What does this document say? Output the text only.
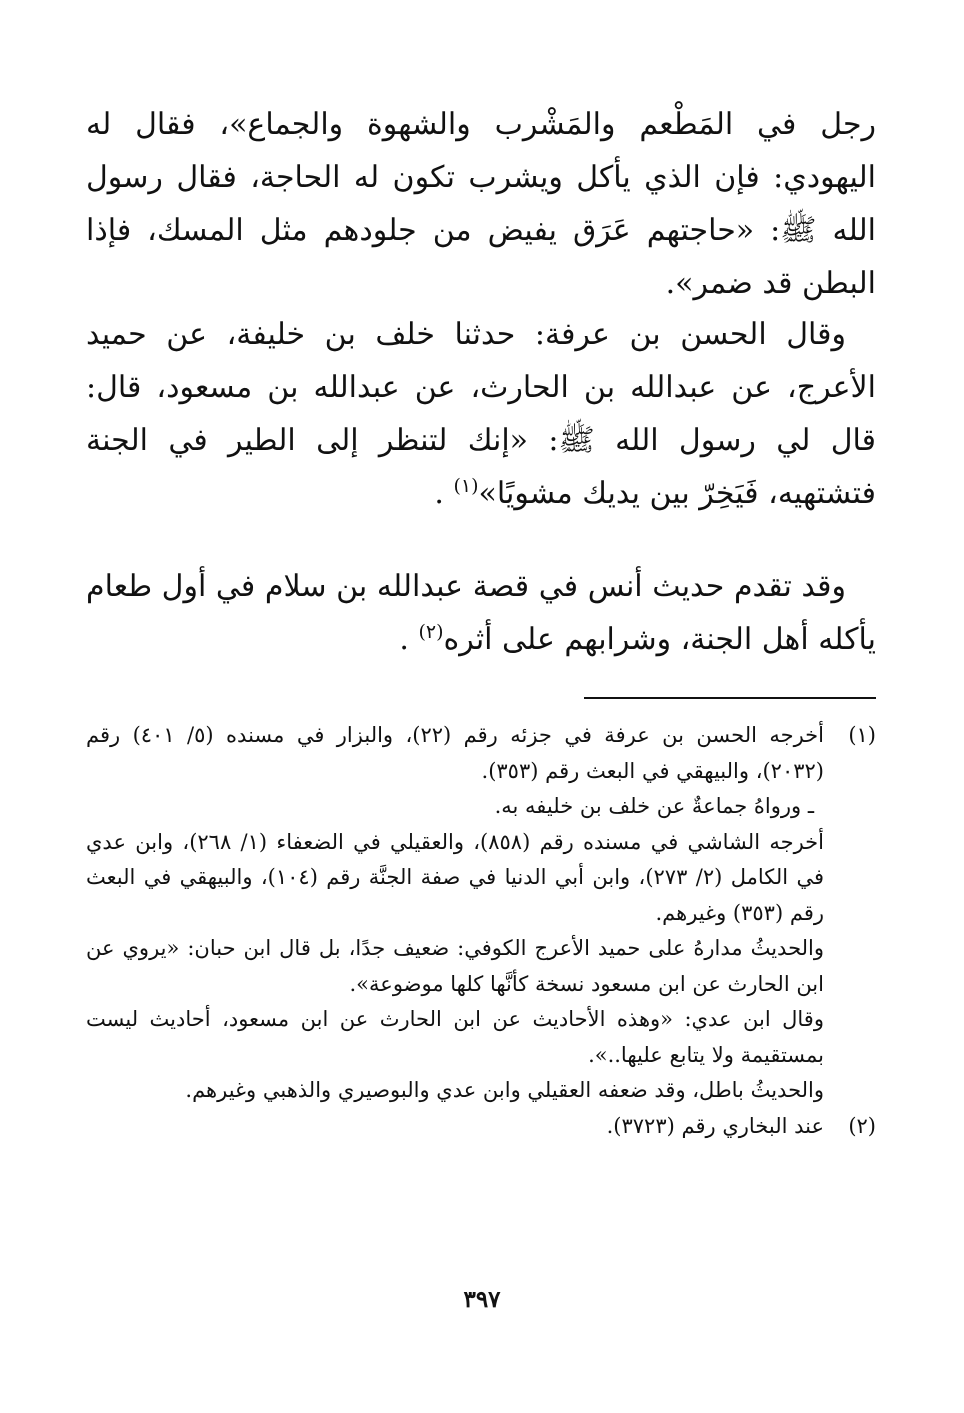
رجل في المَطْعم والمَشْرب والشهوة والجماع»، فقال له اليهودي: فإن الذي يأكل ويشرب تكون له الحاجة، فقال رسول الله ﷺ: «حاجتهم عَرَق يفيض من جلودهم مثل المسك، فإذا البطن قد ضمر».

وقال الحسن بن عرفة: حدثنا خلف بن خليفة، عن حميد الأعرج، عن عبدالله بن الحارث، عن عبدالله بن مسعود، قال: قال لي رسول الله ﷺ: «إنك لتنظر إلى الطير في الجنة فتشتهيه، فَيَخِرّ بين يديك مشويًا»$^{(١)}$ .

وقد تقدم حديث أنس في قصة عبدالله بن سلام في أول طعام يأكله أهل الجنة، وشرابهم على أثره$^{(٢)}$ .

(١)

أخرجه الحسن بن عرفة في جزئه رقم (٢٢)، والبزار في مسنده (٥/ ٤٠١) رقم (٢٠٣٢)، والبيهقي في البعث رقم (٣٥٣).

ـ ورواهُ جماعةٌ عن خلف بن خليفه به.

أخرجه الشاشي في مسنده رقم (٨٥٨)، والعقيلي في الضعفاء (١/ ٢٦٨)، وابن عدي في الكامل (٢/ ٢٧٣)، وابن أبي الدنيا في صفة الجنَّة رقم (١٠٤)، والبيهقي في البعث رقم (٣٥٣) وغيرهم.

والحديثُ مدارهُ على حميد الأعرج الكوفي: ضعيف جدًا، بل قال ابن حبان: «يروي عن ابن الحارث عن ابن مسعود نسخة كأنَّها كلها موضوعة».

وقال ابن عدي: «وهذه الأحاديث عن ابن الحارث عن ابن مسعود، أحاديث ليست بمستقيمة ولا يتابع عليها..».

والحديثُ باطل، وقد ضعفه العقيلي وابن عدي والبوصيري والذهبي وغيرهم.

(٢)

عند البخاري رقم (٣٧٢٣).

٣٩٧
